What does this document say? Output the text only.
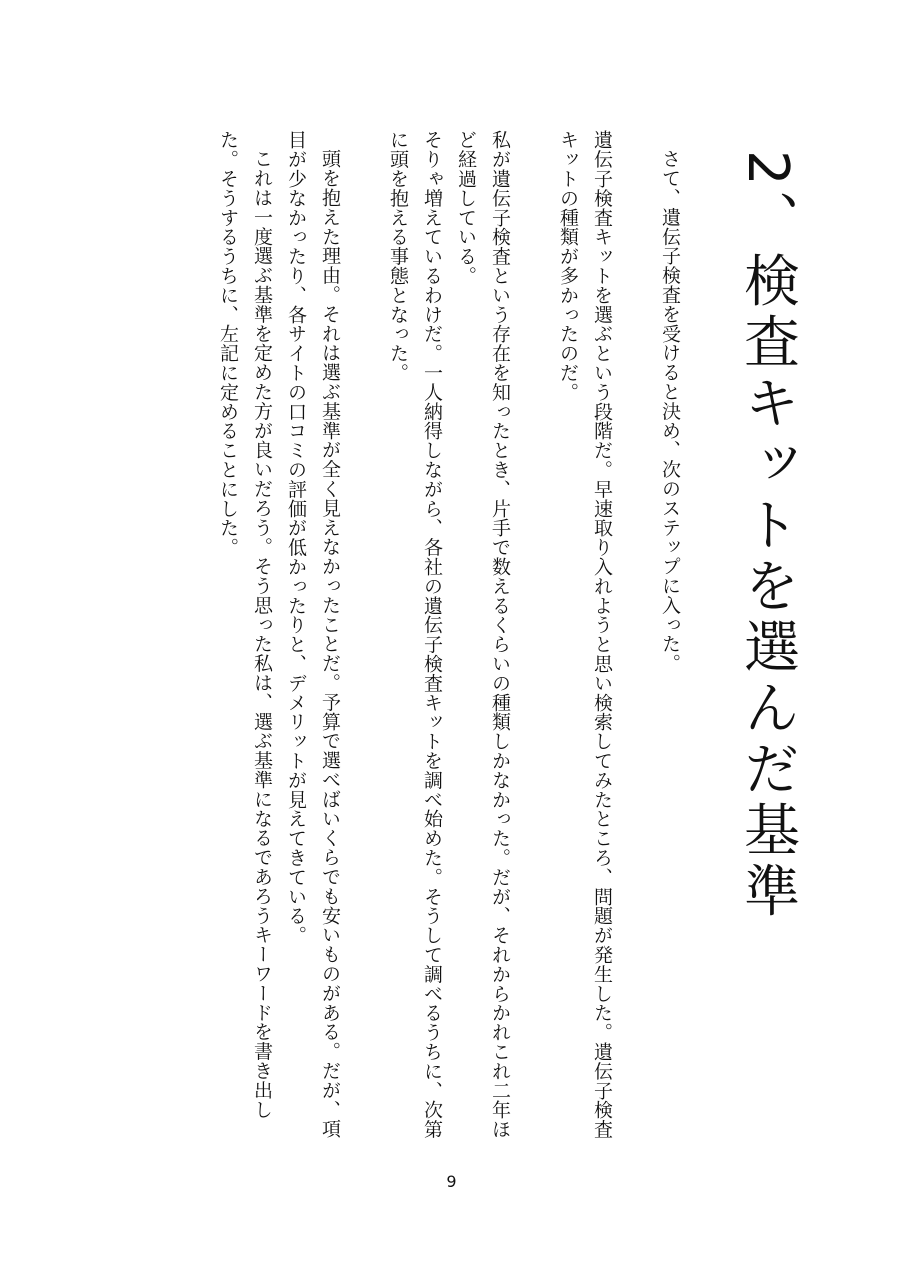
2、検査キットを選んだ基準

さて、遺伝子検査を受けると決め、次のステップに入った。

遺伝子検査キットを選ぶという段階だ。早速取り入れようと思い検索してみたところ、問題が発生した。遺伝子検査キットの種類が多かったのだ。

私が遺伝子検査という存在を知ったとき、片手で数えるくらいの種類しかなかった。だが、それからかれこれ二年ほど経過している。

そりゃ増えているわけだ。一人納得しながら、各社の遺伝子検査キットを調べ始めた。そうして調べるうちに、次第に頭を抱える事態となった。

頭を抱えた理由。それは選ぶ基準が全く見えなかったことだ。予算で選べばいくらでも安いものがある。だが、項目が少なかったり、各サイトの口コミの評価が低かったりと、デメリットが見えてきている。

これは一度選ぶ基準を定めた方が良いだろう。そう思った私は、選ぶ基準になるであろうキーワードを書き出した。そうするうちに、左記に定めることにした。

9
